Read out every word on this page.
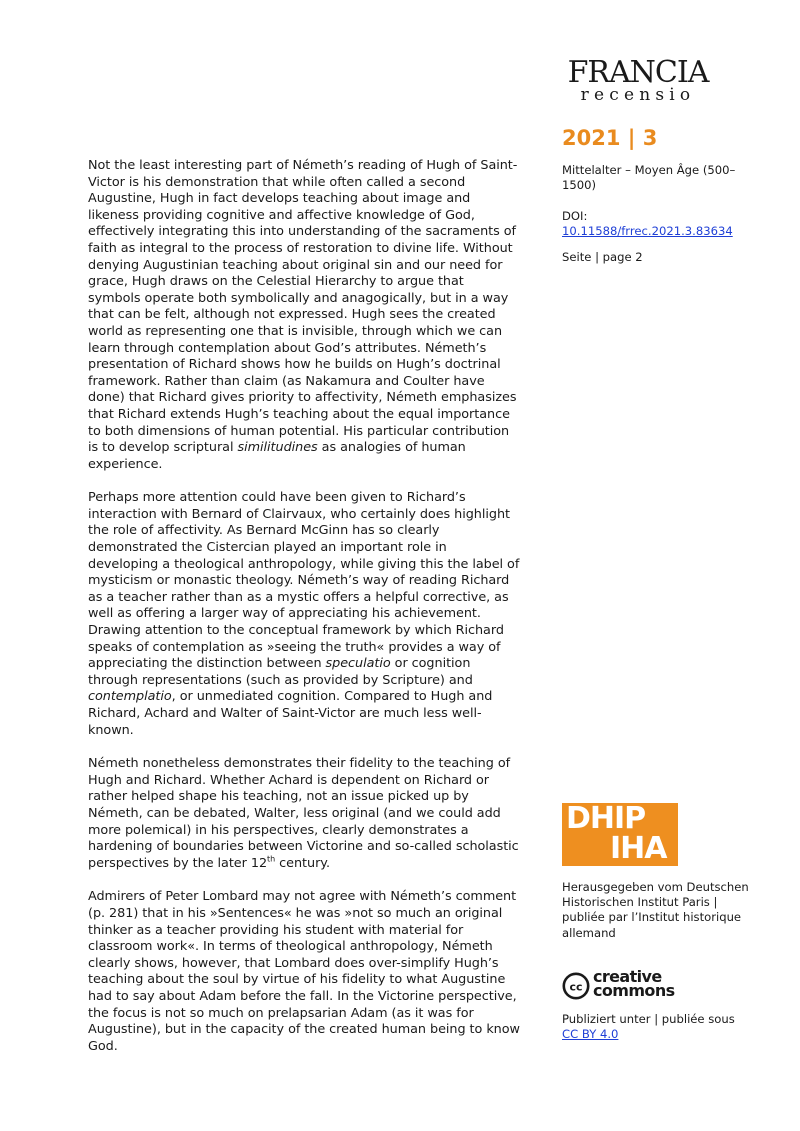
FRANCIA
recensio
2021 | 3
Mittelalter – Moyen Âge (500–1500)
DOI:
10.11588/frrec.2021.3.83634
Seite | page 2
DHIP
IHA
Herausgegeben vom Deutschen Historischen Institut Paris | publiée par l’Institut historique allemand
cc
creative
commons
Publiziert unter | publiée sous
CC BY 4.0

Not the least interesting part of Németh’s reading of Hugh of Saint-Victor is his demonstration that while often called a second Augustine, Hugh in fact develops teaching about image and likeness providing cognitive and affective knowledge of God, effectively integrating this into understanding of the sacraments of faith as integral to the process of restoration to divine life. Without denying Augustinian teaching about original sin and our need for grace, Hugh draws on the Celestial Hierarchy to argue that symbols operate both symbolically and anagogically, but in a way that can be felt, although not expressed. Hugh sees the created world as representing one that is invisible, through which we can learn through contemplation about God’s attributes. Németh’s presentation of Richard shows how he builds on Hugh’s doctrinal framework. Rather than claim (as Nakamura and Coulter have done) that Richard gives priority to affectivity, Németh emphasizes that Richard extends Hugh’s teaching about the equal importance to both dimensions of human potential. His particular contribution is to develop scriptural similitudines as analogies of human experience.

Perhaps more attention could have been given to Richard’s interaction with Bernard of Clairvaux, who certainly does highlight the role of affectivity. As Bernard McGinn has so clearly demonstrated the Cistercian played an important role in developing a theological anthropology, while giving this the label of mysticism or monastic theology. Németh’s way of reading Richard as a teacher rather than as a mystic offers a helpful corrective, as well as offering a larger way of appreciating his achievement. Drawing attention to the conceptual framework by which Richard speaks of contemplation as »seeing the truth« provides a way of appreciating the distinction between speculatio or cognition through representations (such as provided by Scripture) and contemplatio, or unmediated cognition. Compared to Hugh and Richard, Achard and Walter of Saint-Victor are much less well-known.

Németh nonetheless demonstrates their fidelity to the teaching of Hugh and Richard. Whether Achard is dependent on Richard or rather helped shape his teaching, not an issue picked up by Németh, can be debated, Walter, less original (and we could add more polemical) in his perspectives, clearly demonstrates a hardening of boundaries between Victorine and so-called scholastic perspectives by the later 12th century.

Admirers of Peter Lombard may not agree with Németh’s comment (p. 281) that in his »Sentences« he was »not so much an original thinker as a teacher providing his student with material for classroom work«. In terms of theological anthropology, Németh clearly shows, however, that Lombard does over-simplify Hugh’s teaching about the soul by virtue of his fidelity to what Augustine had to say about Adam before the fall. In the Victorine perspective, the focus is not so much on prelapsarian Adam (as it was for Augustine), but in the capacity of the created human being to know God.
